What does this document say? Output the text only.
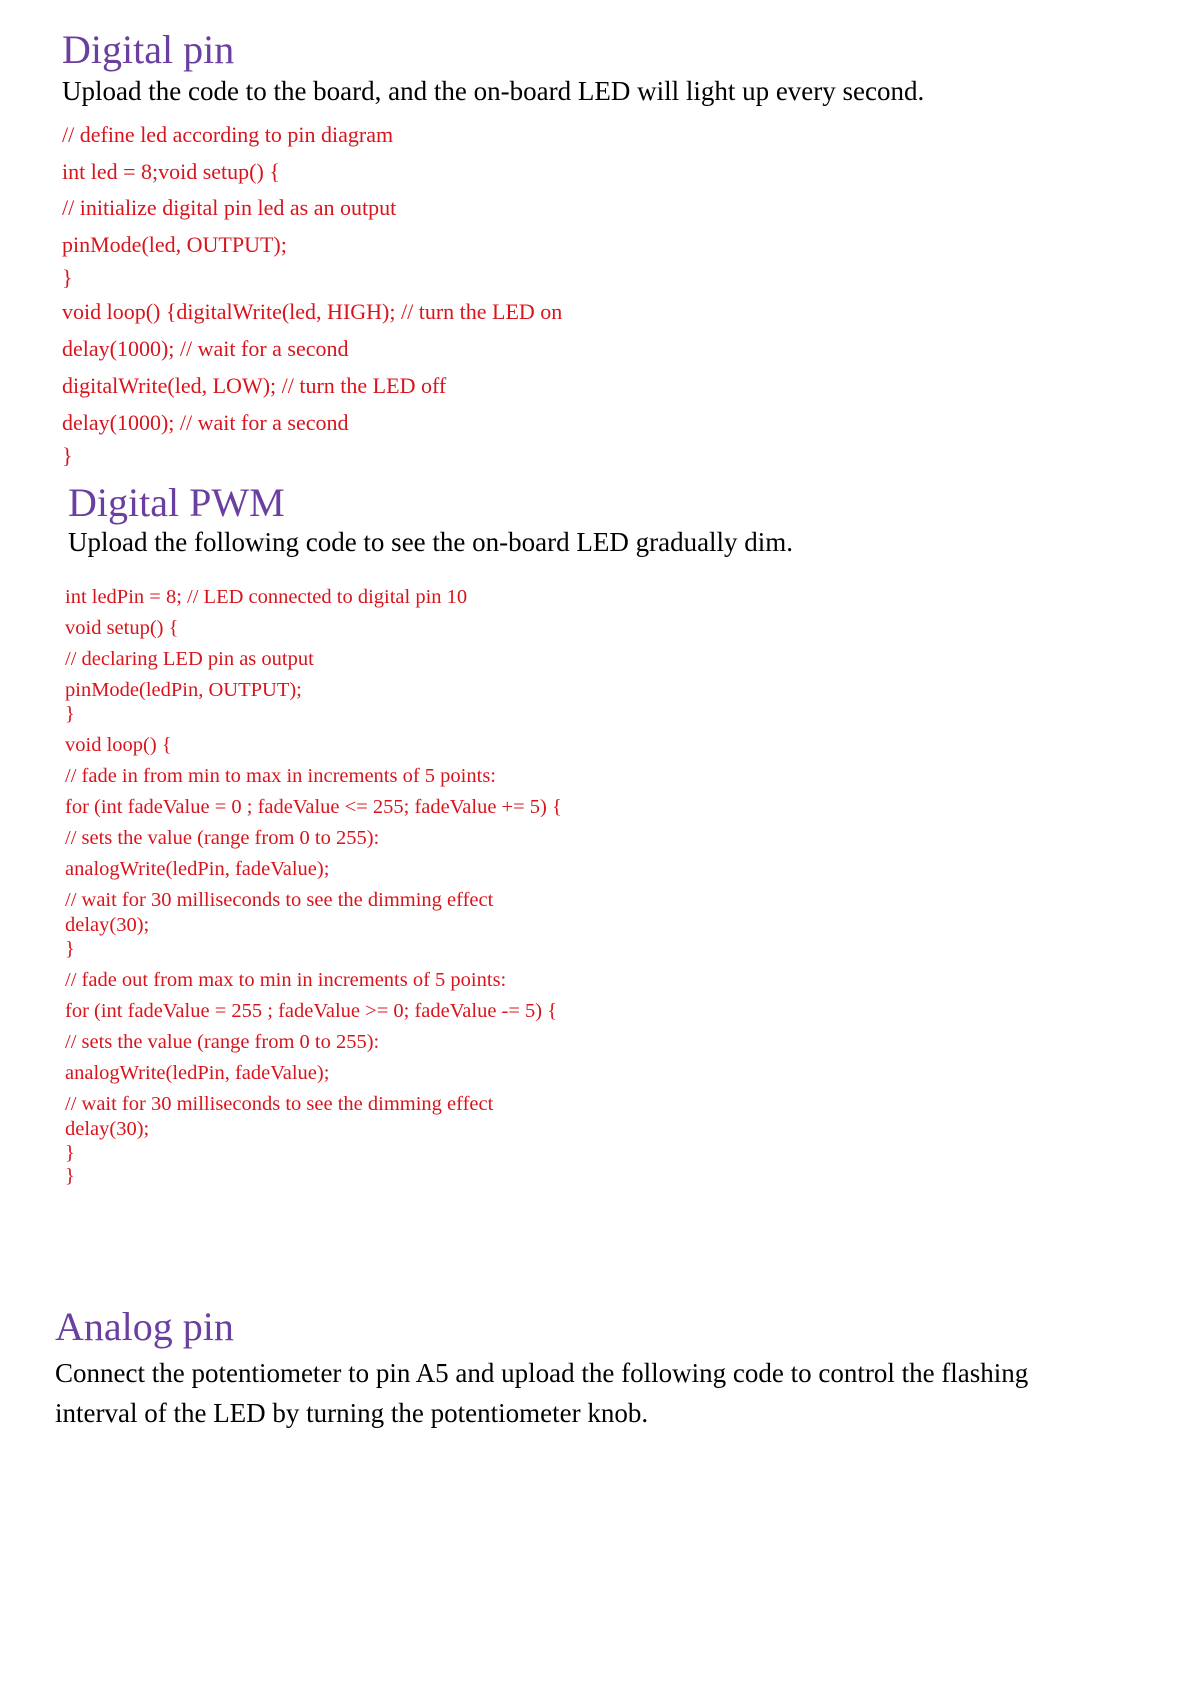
Digital pin

Upload the code to the board, and the on-board LED will light up every second.

// define led according to pin diagram
int led = 8;void setup() {
// initialize digital pin led as an output
pinMode(led, OUTPUT);
}
void loop() {digitalWrite(led, HIGH); // turn the LED on
delay(1000); // wait for a second
digitalWrite(led, LOW); // turn the LED off
delay(1000); // wait for a second
}
Digital PWM

Upload the following code to see the on-board LED gradually dim.

int ledPin = 8; // LED connected to digital pin 10
void setup() {
// declaring LED pin as output
pinMode(ledPin, OUTPUT);
}
void loop() {
// fade in from min to max in increments of 5 points:
for (int fadeValue = 0 ; fadeValue <= 255; fadeValue += 5) {
// sets the value (range from 0 to 255):
analogWrite(ledPin, fadeValue);
// wait for 30 milliseconds to see the dimming effect
delay(30);
}
// fade out from max to min in increments of 5 points:
for (int fadeValue = 255 ; fadeValue >= 0; fadeValue -= 5) {
// sets the value (range from 0 to 255):
analogWrite(ledPin, fadeValue);
// wait for 30 milliseconds to see the dimming effect
delay(30);
}
}
Analog pin

Connect the potentiometer to pin A5 and upload the following code to control the flashing interval of the LED by turning the potentiometer knob.
